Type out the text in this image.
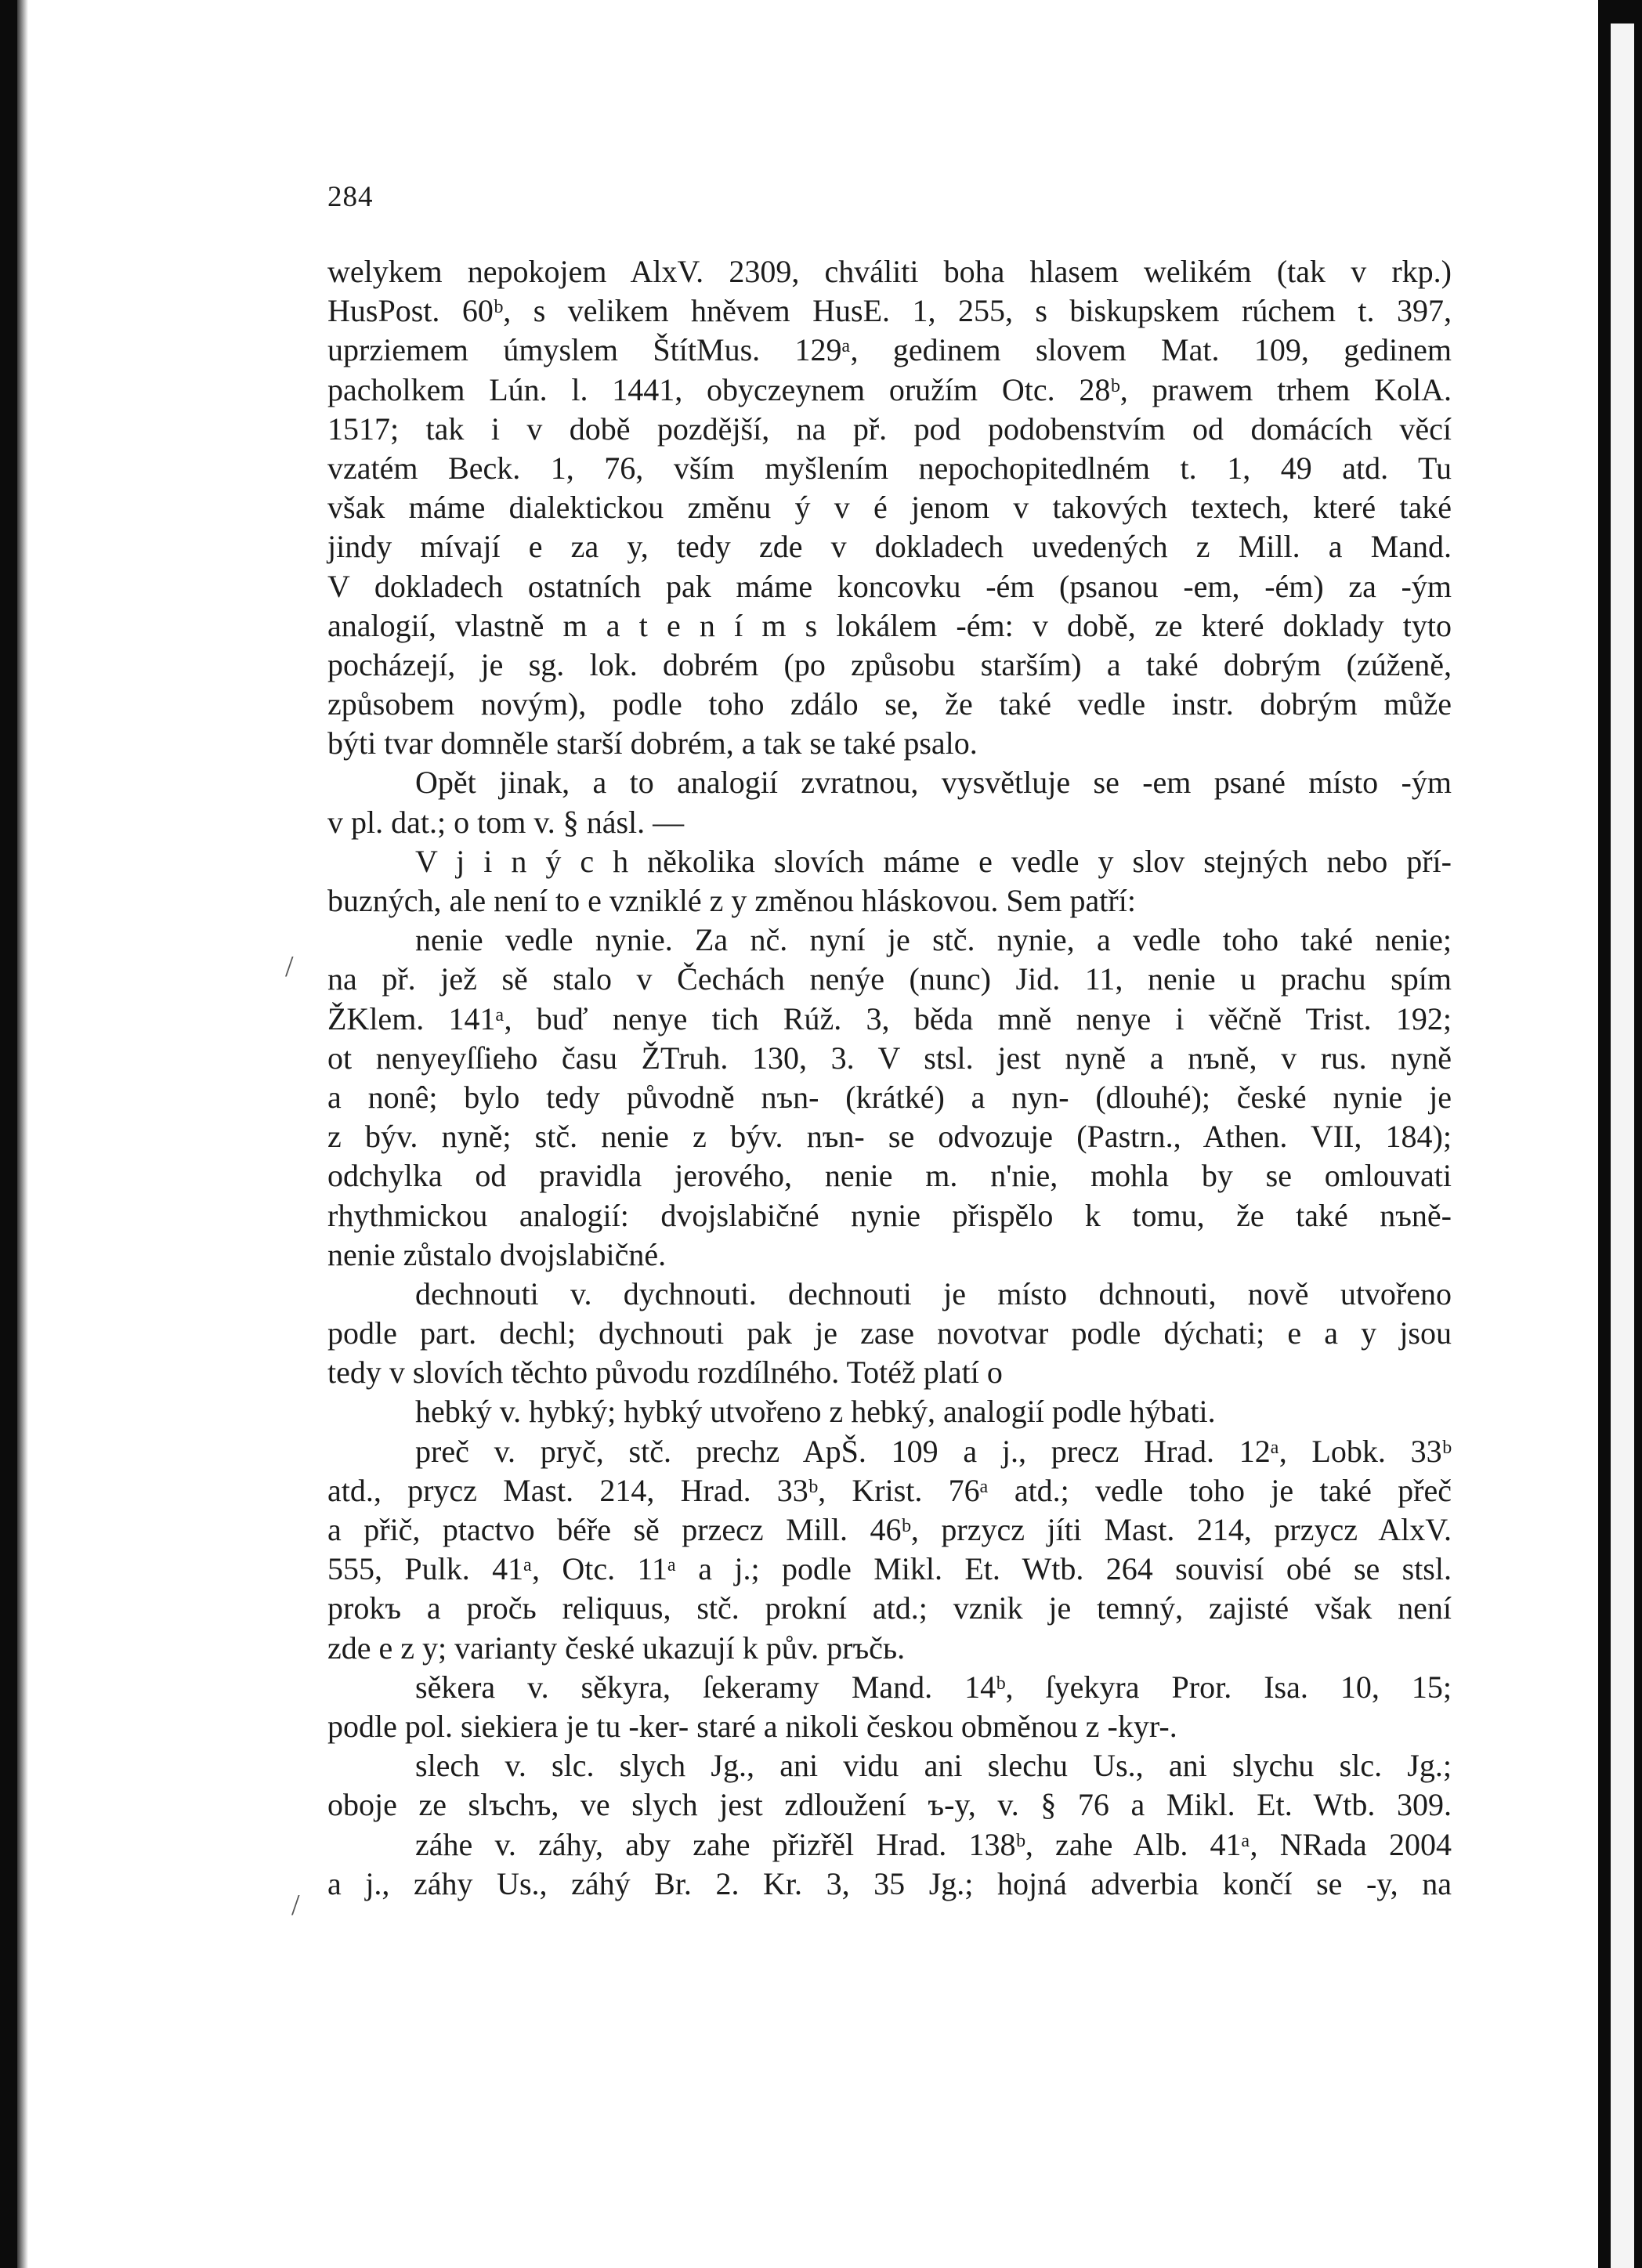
284
welykem nepokojem AlxV. 2309, chváliti boha hlasem welikém (tak v rkp.)
HusPost. 60ᵇ, s velikem hněvem HusE. 1, 255, s biskupskem rúchem t. 397,
uprziemem úmyslem ŠtítMus. 129ᵃ, gedinem slovem Mat. 109, gedinem
pacholkem Lún. l. 1441, obyczeynem oružím Otc. 28ᵇ, prawem trhem KolA.
1517; tak i v době pozdější, na př. pod podobenstvím od domácích věcí
vzatém Beck. 1, 76, vším myšlením nepochopitedlném t. 1, 49 atd. Tu
však máme dialektickou změnu ý v é jenom v takových textech, které také
jindy mívají e za y, tedy zde v dokladech uvedených z Mill. a Mand.
V dokladech ostatních pak máme koncovku -ém (psanou -em, -ém) za -ým
analogií, vlastně m a t e n í m s lokálem -ém: v době, ze které doklady tyto
pocházejí, je sg. lok. dobrém (po způsobu starším) a také dobrým (zúženě,
způsobem novým), podle toho zdálo se, že také vedle instr. dobrým může
býti tvar domněle starší dobrém, a tak se také psalo.
Opět jinak, a to analogií zvratnou, vysvětluje se -em psané místo -ým
v pl. dat.; o tom v. § násl. —
V j i n ý c h několika slovích máme e vedle y slov stejných nebo pří-
buzných, ale není to e vzniklé z y změnou hláskovou. Sem patří:
nenie vedle nynie. Za nč. nyní je stč. nynie, a vedle toho také nenie;
na př. jež sě stalo v Čechách nenýe (nunc) Jid. 11, nenie u prachu spím
ŽKlem. 141ᵃ, buď nenye tich Rúž. 3, běda mně nenye i věčně Trist. 192;
ot nenyeyſſieho času ŽTruh. 130, 3. V stsl. jest nyně a nъně, v rus. nyně
a nonê; bylo tedy původně nъn- (krátké) a nyn- (dlouhé); české nynie je
z býv. nyně; stč. nenie z býv. nъn- se odvozuje (Pastrn., Athen. VII, 184);
odchylka od pravidla jerového, nenie m. n'nie, mohla by se omlouvati
rhythmickou analogií: dvojslabičné nynie přispělo k tomu, že také nъně-
nenie zůstalo dvojslabičné.
dechnouti v. dychnouti. dechnouti je místo dchnouti, nově utvořeno
podle part. dechl; dychnouti pak je zase novotvar podle dýchati; e a y jsou
tedy v slovích těchto původu rozdílného. Totéž platí o
hebký v. hybký; hybký utvořeno z hebký, analogií podle hýbati.
preč v. pryč, stč. prechz ApŠ. 109 a j., precz Hrad. 12ᵃ, Lobk. 33ᵇ
atd., prycz Mast. 214, Hrad. 33ᵇ, Krist. 76ᵃ atd.; vedle toho je také přeč
a přič, ptactvo béře sě przecz Mill. 46ᵇ, przycz jíti Mast. 214, przycz AlxV.
555, Pulk. 41ᵃ, Otc. 11ᵃ a j.; podle Mikl. Et. Wtb. 264 souvisí obé se stsl.
prokъ a pročь reliquus, stč. prokní atd.; vznik je temný, zajisté však není
zde e z y; varianty české ukazují k pův. prъčь.
sěkera v. sěkyra, ſekeramy Mand. 14ᵇ, ſyekyra Pror. Isa. 10, 15;
podle pol. siekiera je tu -ker- staré a nikoli českou obměnou z -kyr-.
slech v. slc. slych Jg., ani vidu ani slechu Us., ani slychu slc. Jg.;
oboje ze slъchъ, ve slych jest zdloužení ъ-y, v. § 76 a Mikl. Et. Wtb. 309.
záhe v. záhy, aby zahe přizřěl Hrad. 138ᵇ, zahe Alb. 41ᵃ, NRada 2004
a j., záhy Us., záhý Br. 2. Kr. 3, 35 Jg.; hojná adverbia končí se -y, na
/
/
